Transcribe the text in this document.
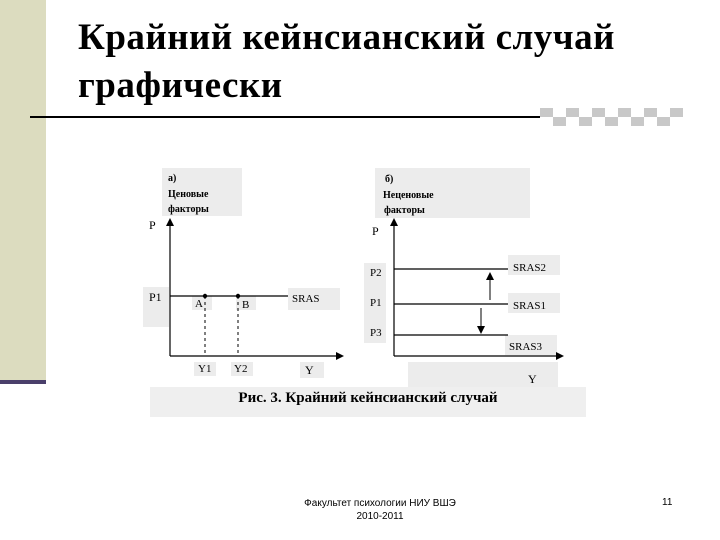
Крайний кейнсианский случай
графически
а)
Ценовые
факторы
P
P1	A	B	SRAS
Y1 Y2	Y
б)
Неценовые
факторы
P
P2
P1
P3
SRAS2
SRAS1
SRAS3
Y
Рис. 3. Крайний кейнсианский случай
Факультет психологии НИУ ВШЭ
2010-2011
11
